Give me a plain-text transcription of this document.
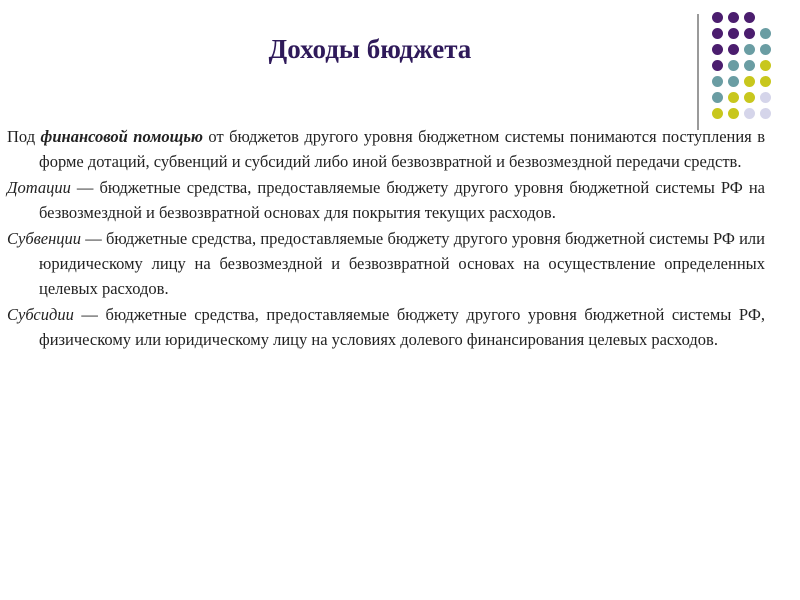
Доходы бюджета

Под финансовой помощью от бюджетов другого уровня бюджетном системы понимаются поступления в форме дотаций, субвенций и субсидий либо иной безвозвратной и безвозмездной передачи средств.

Дотации — бюджетные средства, предоставляемые бюджету другого уровня бюджетной системы РФ на безвозмездной и безвозвратной основах для покрытия текущих расходов.

Субвенции — бюджетные средства, предоставляемые бюджету другого уровня бюджетной системы РФ или юридическому лицу на безвозмездной и безвозвратной основах на осуществление определенных целевых расходов.

Субсидии — бюджетные средства, предоставляемые бюджету другого уровня бюджетной системы РФ, физическому или юридическому лицу на условиях долевого финансирования целевых расходов.
